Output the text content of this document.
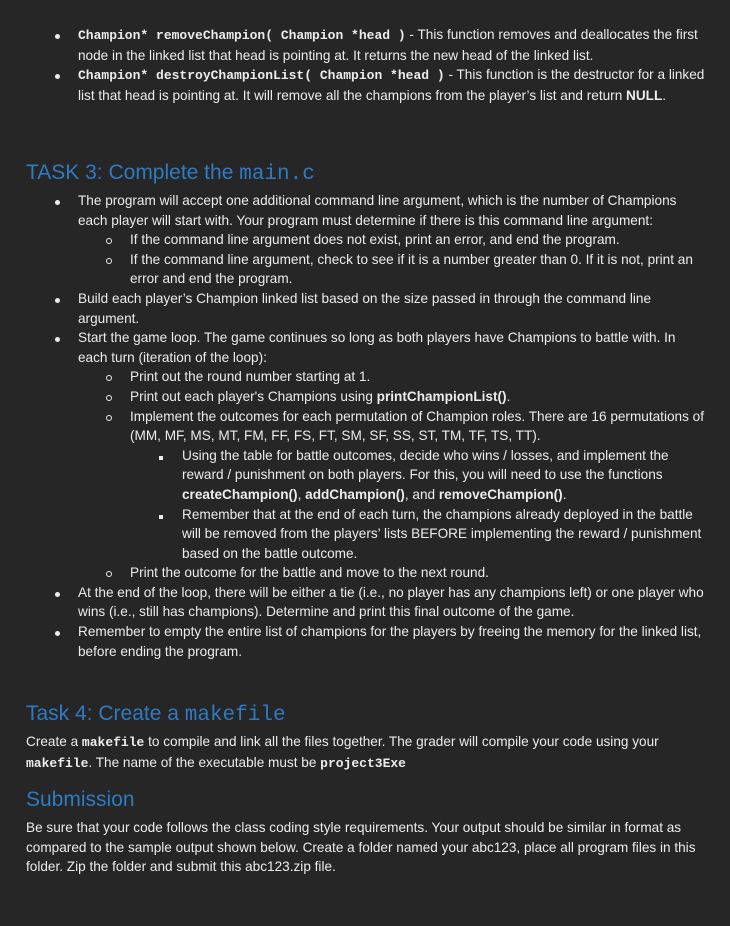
Champion* removeChampion( Champion *head ) - This function removes and deallocates the first node in the linked list that head is pointing at. It returns the new head of the linked list.
Champion* destroyChampionList( Champion *head ) - This function is the destructor for a linked list that head is pointing at. It will remove all the champions from the player’s list and return NULL.
TASK 3: Complete the main.c
The program will accept one additional command line argument, which is the number of Champions each player will start with. Your program must determine if there is this command line argument:
If the command line argument does not exist, print an error, and end the program.
If the command line argument, check to see if it is a number greater than 0. If it is not, print an error and end the program.
Build each player’s Champion linked list based on the size passed in through the command line argument.
Start the game loop. The game continues so long as both players have Champions to battle with. In each turn (iteration of the loop):
Print out the round number starting at 1.
Print out each player's Champions using printChampionList().
Implement the outcomes for each permutation of Champion roles. There are 16 permutations of (MM, MF, MS, MT, FM, FF, FS, FT, SM, SF, SS, ST, TM, TF, TS, TT).
Using the table for battle outcomes, decide who wins / losses, and implement the reward / punishment on both players. For this, you will need to use the functions createChampion(), addChampion(), and removeChampion().
Remember that at the end of each turn, the champions already deployed in the battle will be removed from the players’ lists BEFORE implementing the reward / punishment based on the battle outcome.
Print the outcome for the battle and move to the next round.
At the end of the loop, there will be either a tie (i.e., no player has any champions left) or one player who wins (i.e., still has champions). Determine and print this final outcome of the game.
Remember to empty the entire list of champions for the players by freeing the memory for the linked list, before ending the program.
Task 4: Create a makefile
Create a makefile to compile and link all the files together. The grader will compile your code using your makefile. The name of the executable must be project3Exe
Submission
Be sure that your code follows the class coding style requirements. Your output should be similar in format as compared to the sample output shown below. Create a folder named your abc123, place all program files in this folder. Zip the folder and submit this abc123.zip file.
